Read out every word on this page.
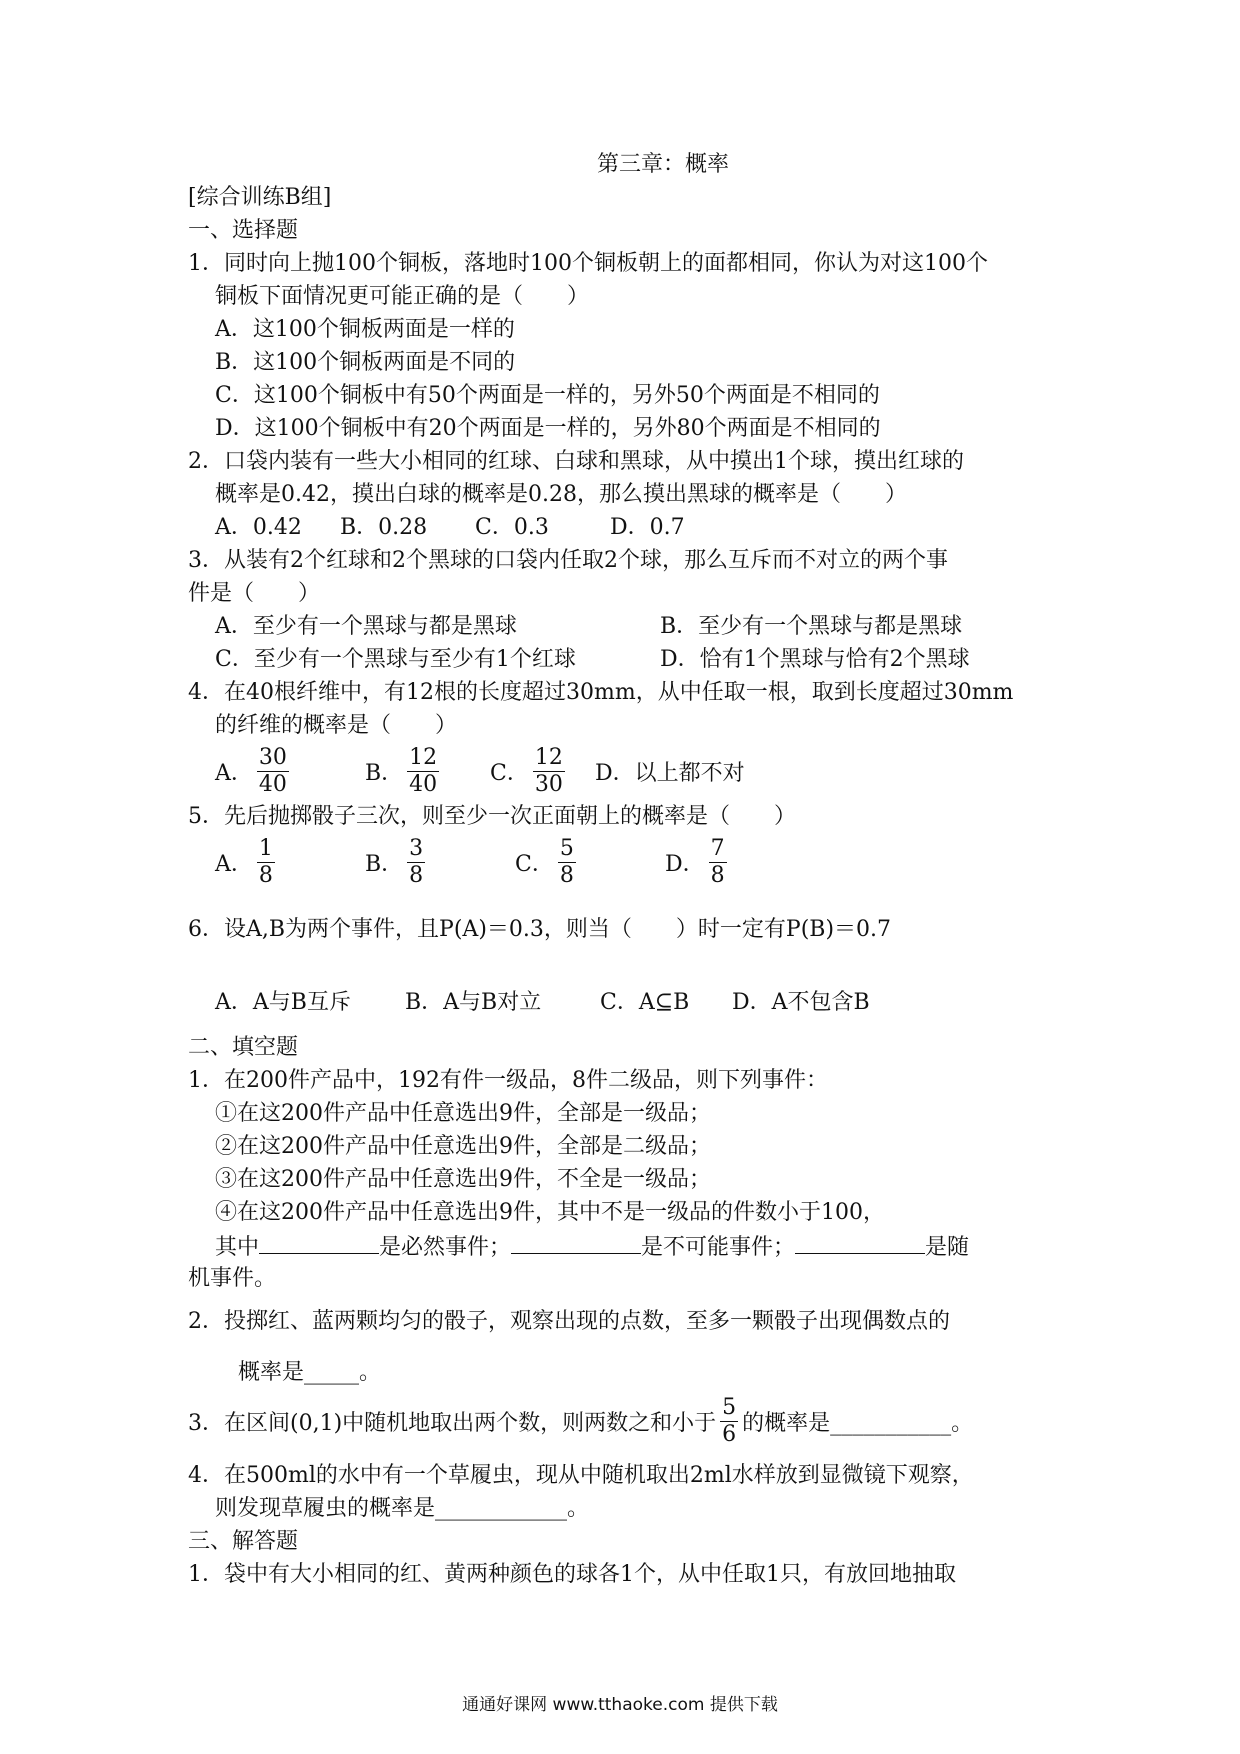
第三章：概率
[综合训练B组]
一、选择题
1．同时向上抛100个铜板，落地时100个铜板朝上的面都相同，你认为对这100个
铜板下面情况更可能正确的是（　　）
A．这100个铜板两面是一样的
B．这100个铜板两面是不同的
C．这100个铜板中有50个两面是一样的，另外50个两面是不相同的
D．这100个铜板中有20个两面是一样的，另外80个两面是不相同的
2．口袋内装有一些大小相同的红球、白球和黑球，从中摸出1个球，摸出红球的
概率是0.42，摸出白球的概率是0.28，那么摸出黑球的概率是（　　）
A．0.42	B．0.28	C．0.3	D．0.7
3．从装有2个红球和2个黑球的口袋内任取2个球，那么互斥而不对立的两个事
件是（　　）
A．至少有一个黑球与都是黑球	B．至少有一个黑球与都是黑球
C．至少有一个黑球与至少有1个红球	D．恰有1个黑球与恰有2个黑球
4．在40根纤维中，有12根的长度超过30mm，从中任取一根，取到长度超过30mm
的纤维的概率是（　　）
A． $\frac{30}{40}$	B． $\frac{12}{40}$ C． $\frac{12}{30}$ D．以上都不对
5．先后抛掷骰子三次，则至少一次正面朝上的概率是（　　）
A． $\frac{1}{8}$	B． $\frac{3}{8}$	C． $\frac{5}{8}$	D． $\frac{7}{8}$
6．设A,B为两个事件，且P(A)＝0.3，则当（　　）时一定有P(B)＝0.7
A．A与B互斥	B．A与B对立	C．A⊆B	D．A不包含B
二、填空题
1．在200件产品中，192有件一级品，8件二级品，则下列事件：
①在这200件产品中任意选出9件，全部是一级品；
②在这200件产品中任意选出9件，全部是二级品；
③在这200件产品中任意选出9件，不全是一级品；
④在这200件产品中任意选出9件，其中不是一级品的件数小于100，
其中	是必然事件；	是不可能事件；	是随
机事件。
2．投掷红、蓝两颗均匀的骰子，观察出现的点数，至多一颗骰子出现偶数点的
概率是_____。
3．在区间(0,1)中随机地取出两个数，则两数之和小于 $\frac{5}{6}$ 的概率是___________。
4．在500ml的水中有一个草履虫，现从中随机取出2ml水样放到显微镜下观察，
则发现草履虫的概率是____________。
三、解答题
1．袋中有大小相同的红、黄两种颜色的球各1个，从中任取1只，有放回地抽取
通通好课网 www.tthaoke.com 提供下载
